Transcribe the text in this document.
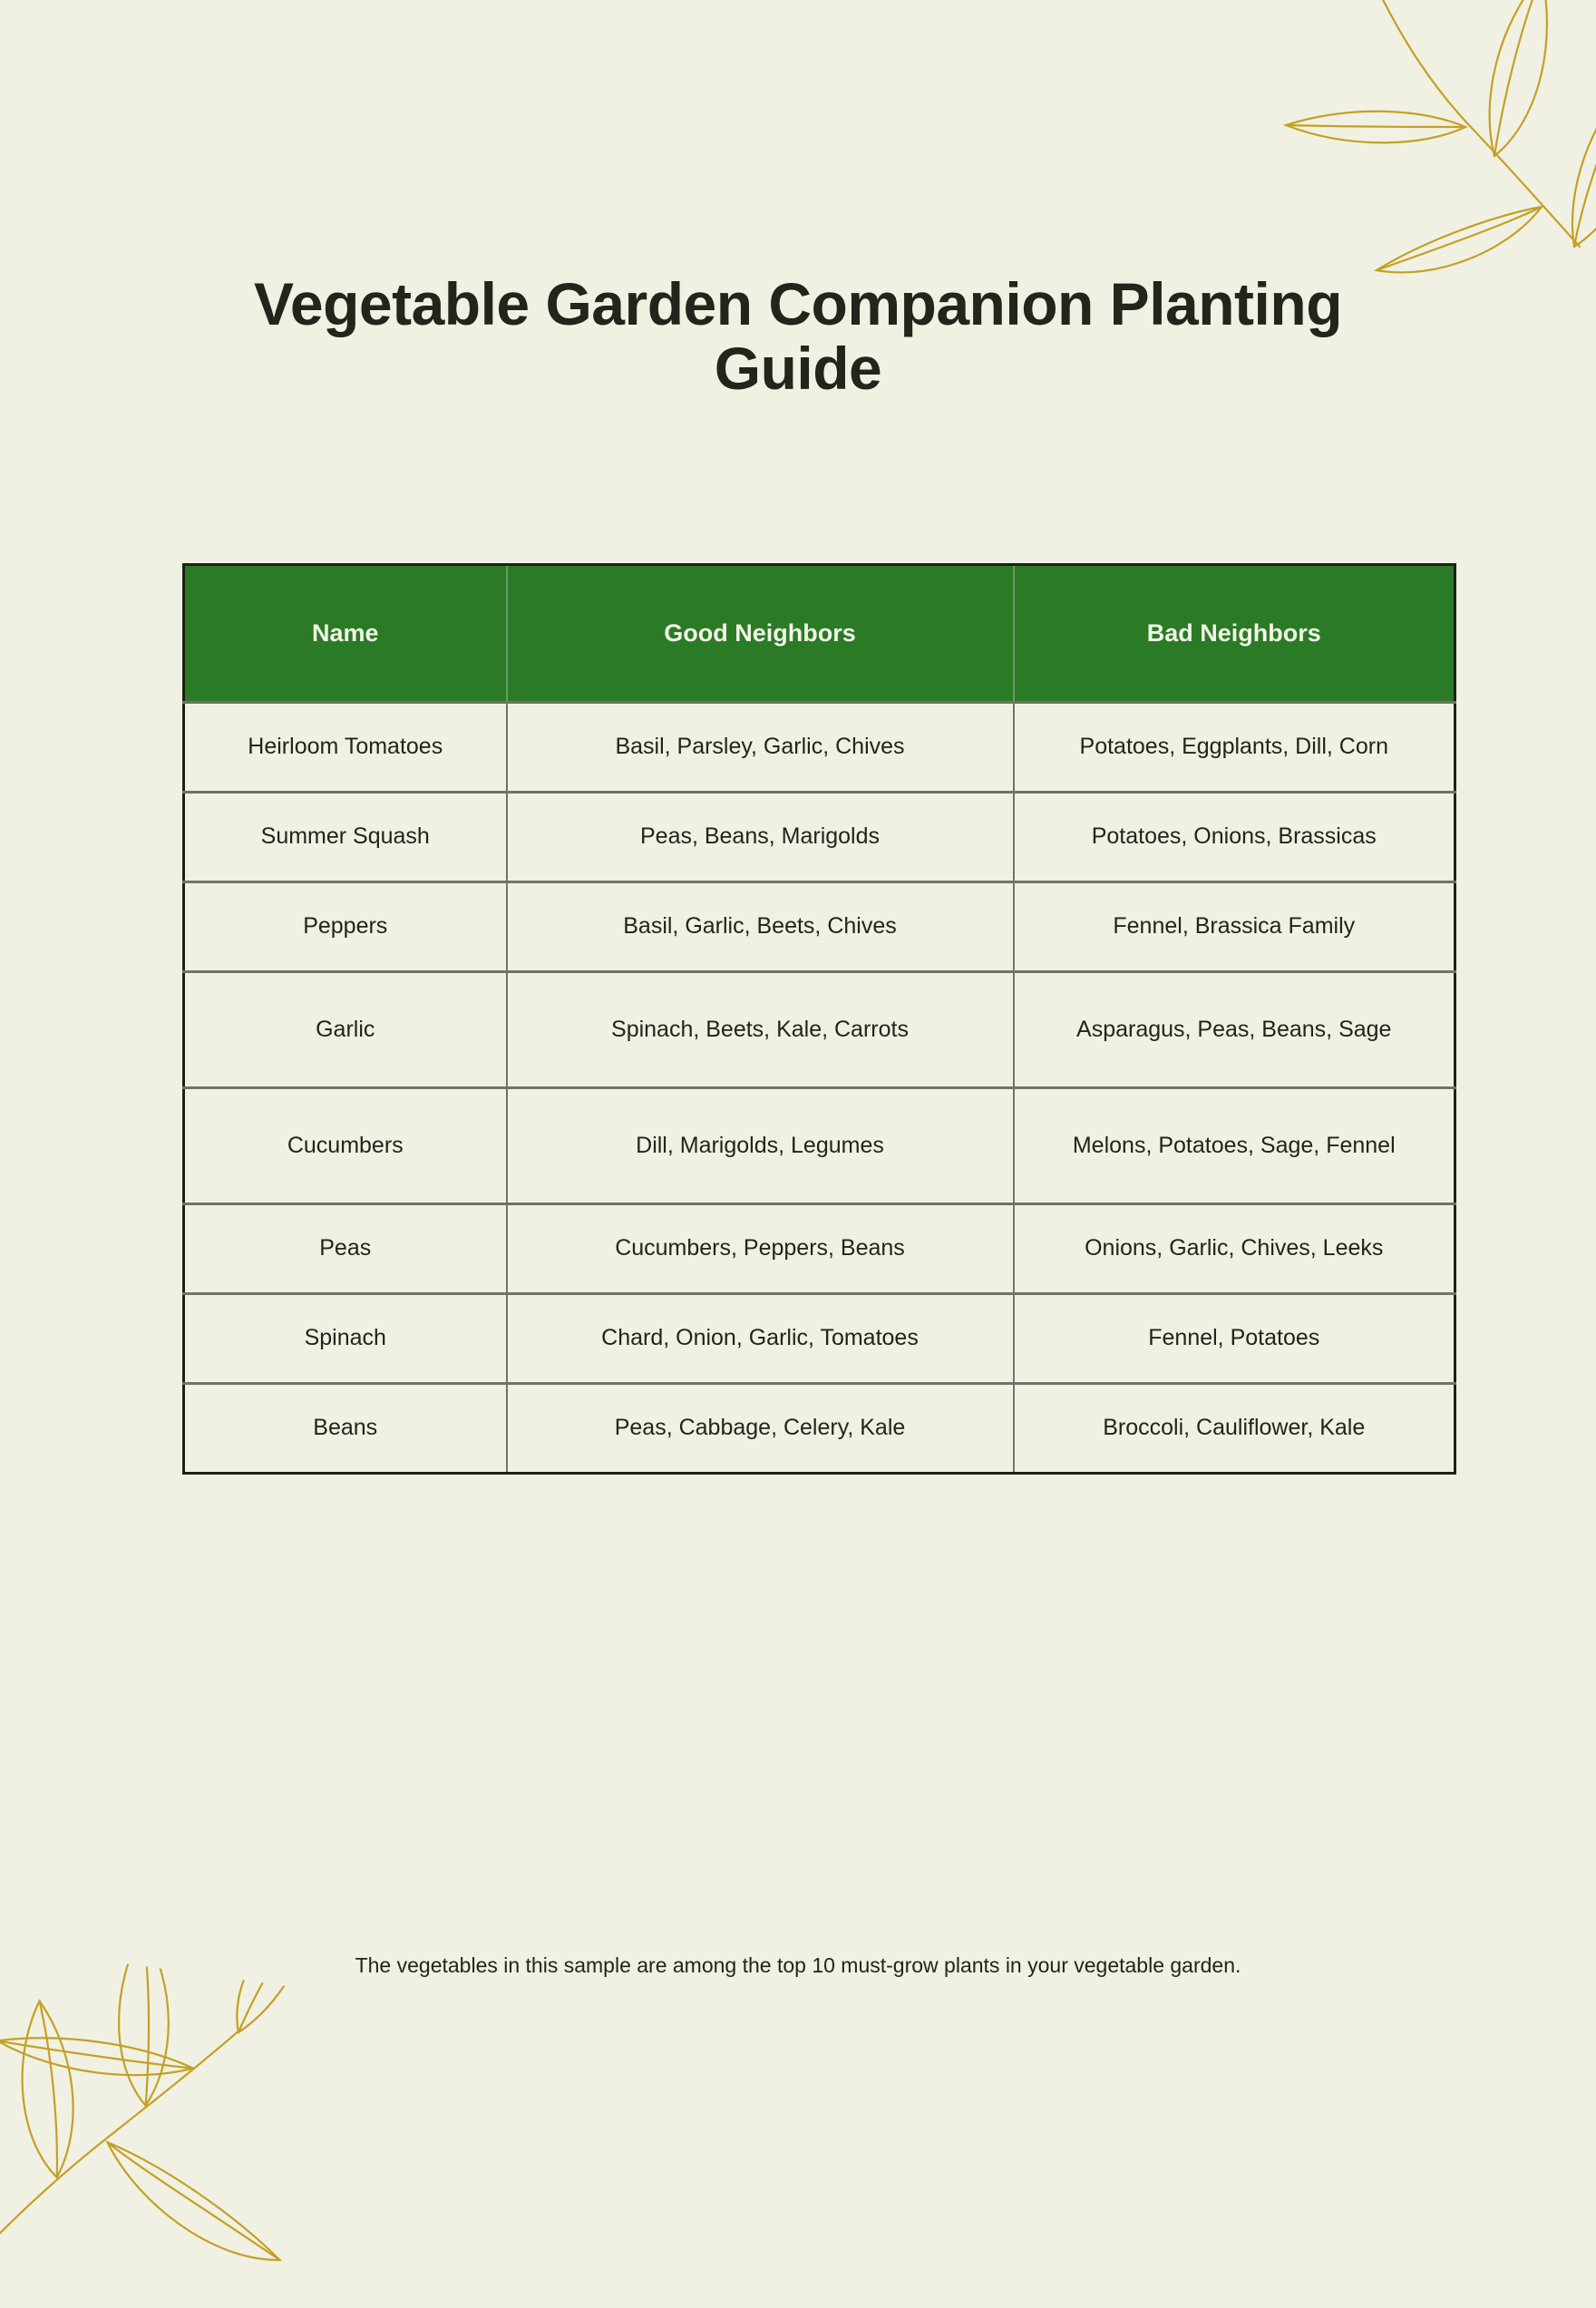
Vegetable Garden Companion Planting Guide
Name	Good Neighbors	Bad Neighbors
Heirloom Tomatoes	Basil, Parsley, Garlic, Chives	Potatoes, Eggplants, Dill, Corn
Summer Squash	Peas, Beans, Marigolds	Potatoes, Onions, Brassicas
Peppers	Basil, Garlic, Beets, Chives	Fennel, Brassica Family
Garlic	Spinach, Beets, Kale, Carrots	Asparagus, Peas, Beans, Sage
Cucumbers	Dill, Marigolds, Legumes	Melons, Potatoes, Sage, Fennel
Peas	Cucumbers, Peppers, Beans	Onions, Garlic, Chives, Leeks
Spinach	Chard, Onion, Garlic, Tomatoes	Fennel, Potatoes
Beans	Peas, Cabbage, Celery, Kale	Broccoli, Cauliflower, Kale
The vegetables in this sample are among the top 10 must-grow plants in your vegetable garden.
